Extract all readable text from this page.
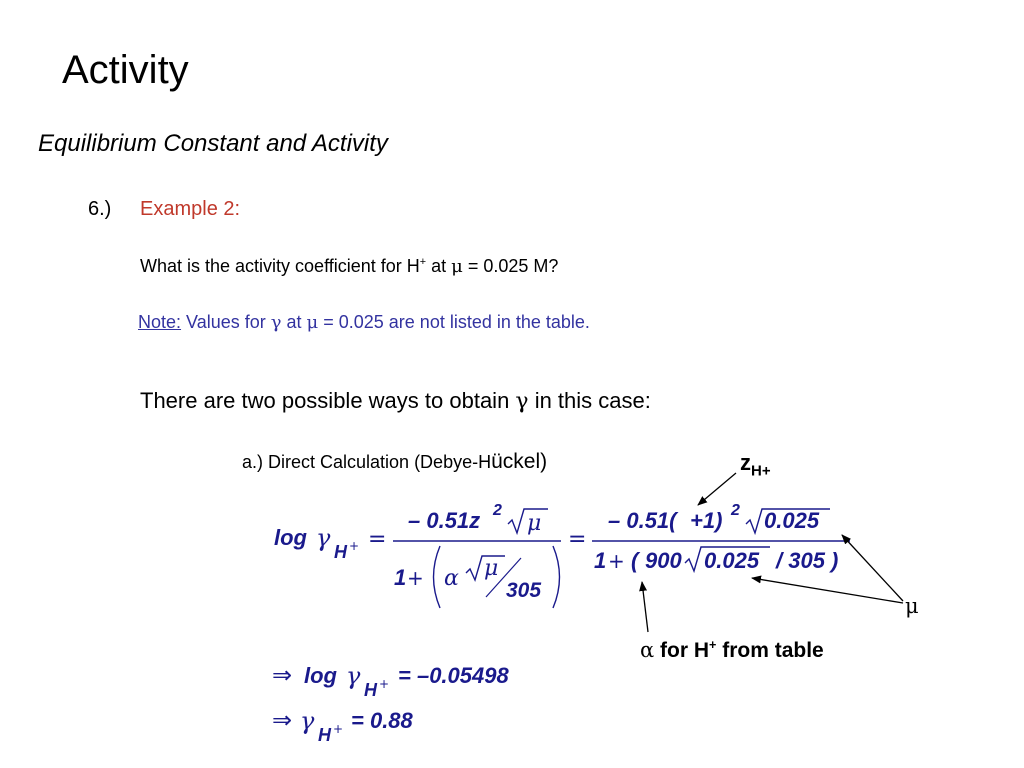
Activity
Equilibrium Constant and Activity
6.) Example 2:
What is the activity coefficient for H+ at μ = 0.025 M?
Note: Values for γ at μ = 0.025 are not listed in the table.
There are two possible ways to obtain γ in this case:
a.) Direct Calculation (Debye-Hückel)	$z_{H+}$
α for H+ from table
μ
log γ H + =
– 0.51z 2
μ
1 + α μ
305
=
– 0.51( +1) 2 0.025
1 + ( 900 0.025 / 305 )
⇒ log γ H + = –0.05498
⇒ γ H + = 0.88
